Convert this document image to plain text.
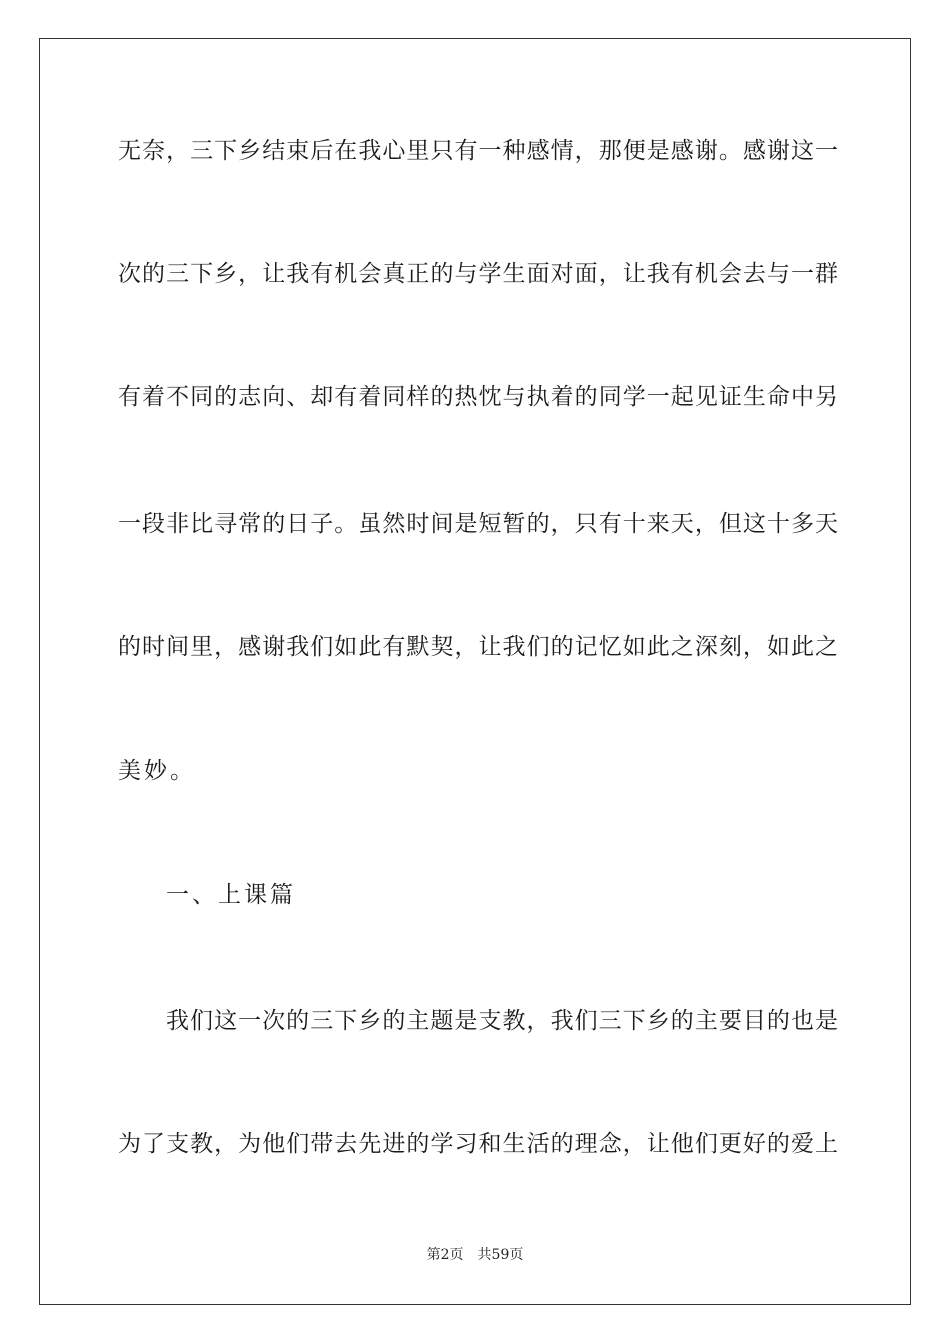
无奈，三下乡结束后在我心里只有一种感情，那便是感谢。感谢这一
次的三下乡，让我有机会真正的与学生面对面，让我有机会去与一群
有着不同的志向、却有着同样的热忱与执着的同学一起见证生命中另
一段非比寻常的日子。虽然时间是短暂的，只有十来天，但这十多天
的时间里，感谢我们如此有默契，让我们的记忆如此之深刻，如此之
美妙。
一、上课篇
我们这一次的三下乡的主题是支教，我们三下乡的主要目的也是
为了支教，为他们带去先进的学习和生活的理念，让他们更好的爱上
第2页 共59页
